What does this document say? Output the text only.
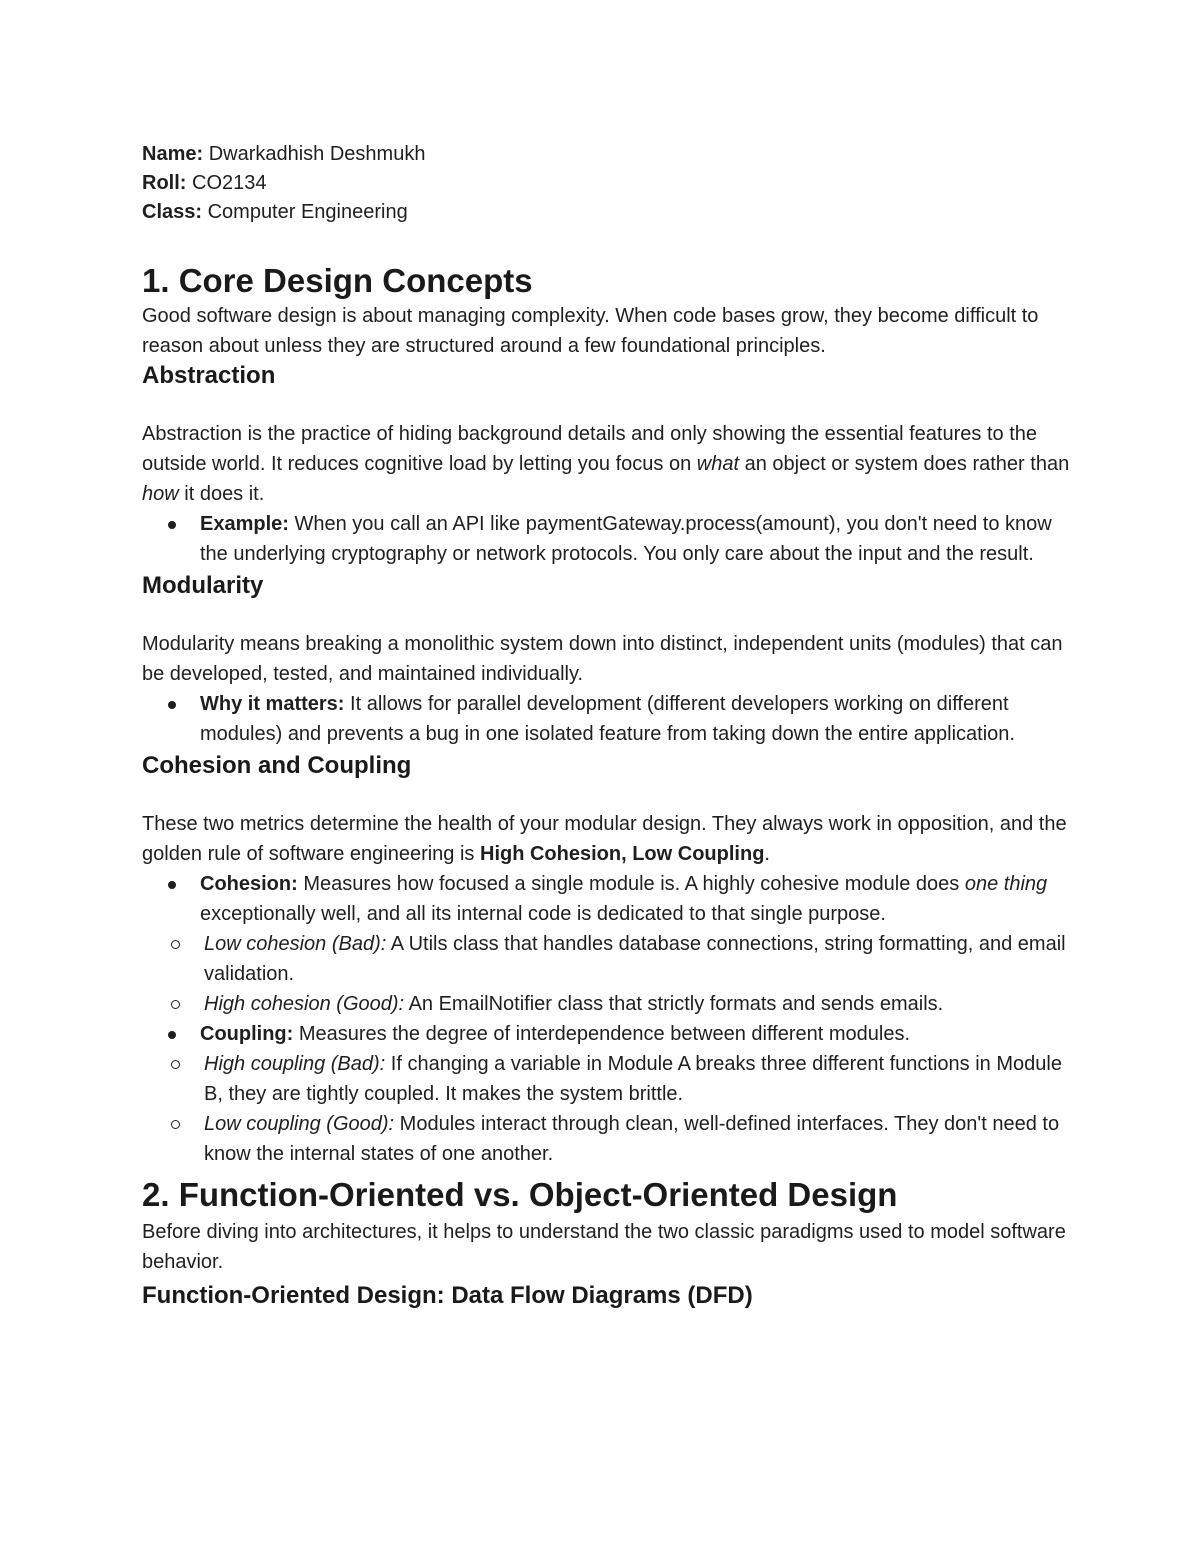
Name: Dwarkadhish Deshmukh

Roll: CO2134

Class: Computer Engineering

1. Core Design Concepts

Good software design is about managing complexity. When code bases grow, they become difficult to reason about unless they are structured around a few foundational principles.

Abstraction

Abstraction is the practice of hiding background details and only showing the essential features to the outside world. It reduces cognitive load by letting you focus on what an object or system does rather than how it does it.

Example: When you call an API like paymentGateway.process(amount), you don't need to know the underlying cryptography or network protocols. You only care about the input and the result.
Modularity

Modularity means breaking a monolithic system down into distinct, independent units (modules) that can be developed, tested, and maintained individually.

Why it matters: It allows for parallel development (different developers working on different modules) and prevents a bug in one isolated feature from taking down the entire application.
Cohesion and Coupling

These two metrics determine the health of your modular design. They always work in opposition, and the golden rule of software engineering is High Cohesion, Low Coupling.

Cohesion: Measures how focused a single module is. A highly cohesive module does one thing exceptionally well, and all its internal code is dedicated to that single purpose.
Low cohesion (Bad): A Utils class that handles database connections, string formatting, and email validation.
High cohesion (Good): An EmailNotifier class that strictly formats and sends emails.
Coupling: Measures the degree of interdependence between different modules.
High coupling (Bad): If changing a variable in Module A breaks three different functions in Module B, they are tightly coupled. It makes the system brittle.
Low coupling (Good): Modules interact through clean, well-defined interfaces. They don't need to know the internal states of one another.
2. Function-Oriented vs. Object-Oriented Design

Before diving into architectures, it helps to understand the two classic paradigms used to model software behavior.

Function-Oriented Design: Data Flow Diagrams (DFD)
